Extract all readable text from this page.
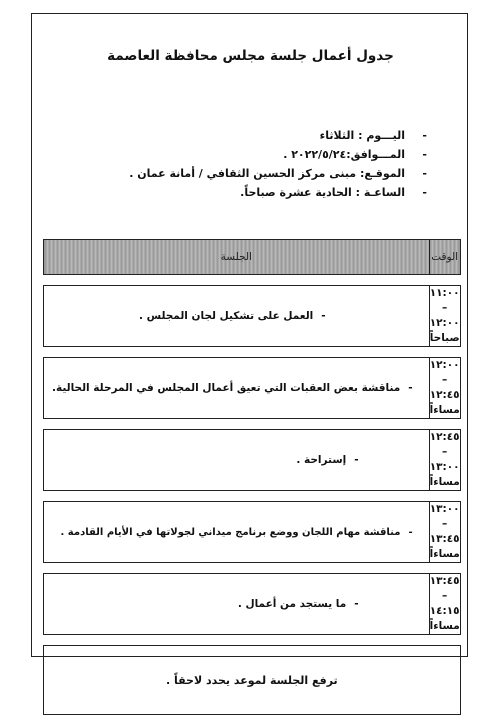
جدول أعمال جلسة مجلس محافظة العاصمة
- اليـــوم : الثلاثاء
- المـــوافق:٢٠٢٢/٥/٢٤ .
- الموقـع: مبنى مركز الحسين الثقافي / أمانة عمان .
- الساعـة : الحادية عشرة صباحاً.
الوقت	الجلسة

١١:٠٠ – ١٢:٠٠
صباحاً	-العمل على تشكيل لجان المجلس .

١٢:٠٠ – ١٢:٤٥
مساءاً	-مناقشة بعض العقبات التي تعيق أعمال المجلس في المرحلة الحالية.

١٢:٤٥ – ١٣:٠٠
مساءاً	-إستراحة .

١٣:٠٠ – ١٣:٤٥
مساءاً	-مناقشة مهام اللجان ووضع برنامج ميداني لجولاتها في الأيام القادمة .

١٣:٤٥ – ١٤:١٥
مساءاً	-ما يستجد من أعمال .

ترفع الجلسة لموعد يحدد لاحقاً .	
